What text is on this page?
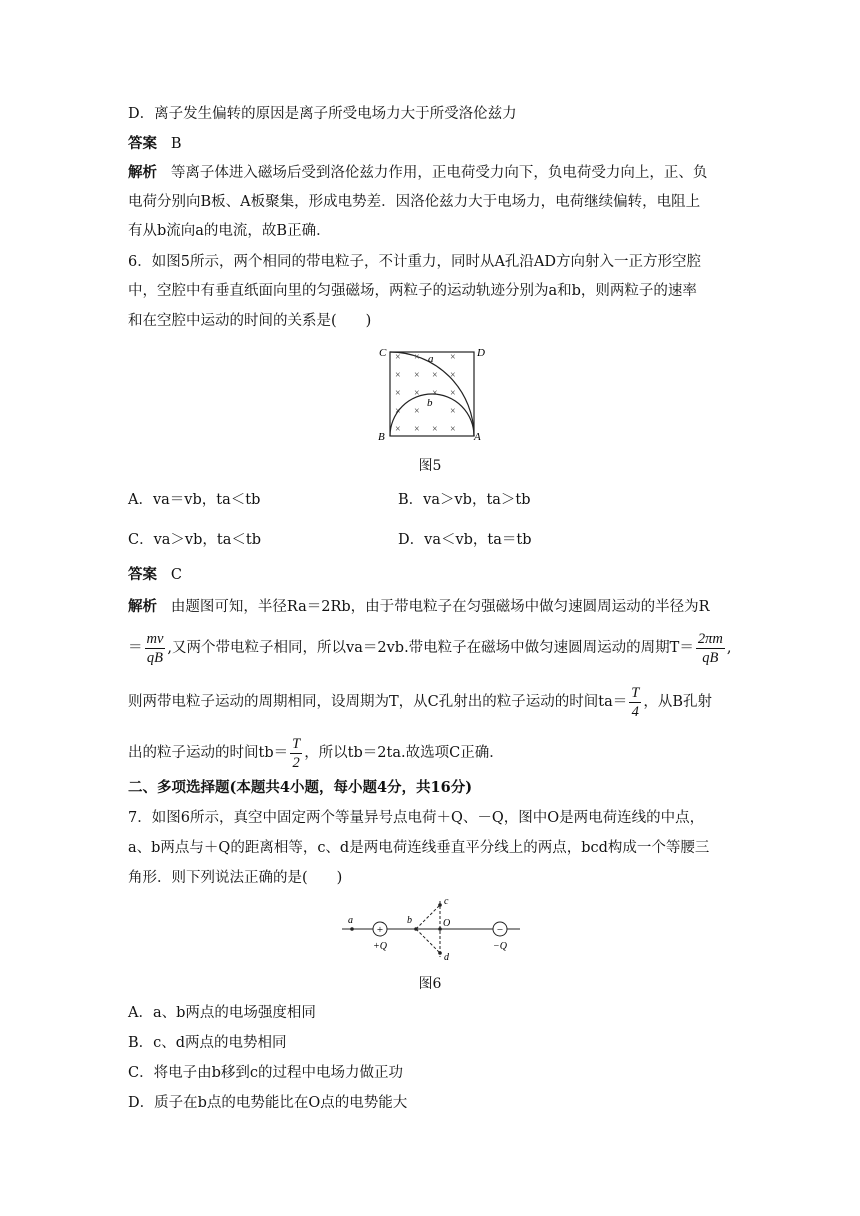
D．离子发生偏转的原因是离子所受电场力大于所受洛伦兹力
答案 B
解析 等离子体进入磁场后受到洛伦兹力作用，正电荷受力向下，负电荷受力向上，正、负
电荷分别向B板、A板聚集，形成电势差．因洛伦兹力大于电场力，电荷继续偏转，电阻上
有从b流向a的电流，故B正确．
6．如图5所示，两个相同的带电粒子，不计重力，同时从A孔沿AD方向射入一正方形空腔
中，空腔中有垂直纸面向里的匀强磁场，两粒子的运动轨迹分别为a和b，则两粒子的速率
和在空腔中运动的时间的关系是(　　)
× ×	×
× × × ×
× × × ×
× ×	×
× × × ×
C	D
B	A
a
b
图5
A．va＝vb，ta＜tb	B．va＞vb，ta＞tb
C．va＞vb，ta＜tb	D．va＜vb，ta＝tb
答案 C
解析 由题图可知，半径Ra＝2Rb，由于带电粒子在匀强磁场中做匀速圆周运动的半径为R
＝ $\frac{mv}{qB}$ ,又两个带电粒子相同，所以va＝2vb.带电粒子在磁场中做匀速圆周运动的周期$T= \frac{2\pi m}{qB}$ ,
则两带电粒子运动的周期相同，设周期为T，从C孔射出的粒子运动的时间$ta= \frac{T}{4}$ ，从B孔射
出的粒子运动的时间$tb= \frac{T}{2}$ ，所以tb＝2ta.故选项C正确．
二、多项选择题(本题共4小题，每小题4分，共16分)
7．如图6所示，真空中固定两个等量异号点电荷＋Q、－Q，图中O是两电荷连线的中点，
a、b两点与＋Q的距离相等，c、d是两电荷连线垂直平分线上的两点，bcd构成一个等腰三
角形．则下列说法正确的是(　　)
+	−
a	b	O
c
d
+Q	−Q
图6
A．a、b两点的电场强度相同
B．c、d两点的电势相同
C．将电子由b移到c的过程中电场力做正功
D．质子在b点的电势能比在O点的电势能大
